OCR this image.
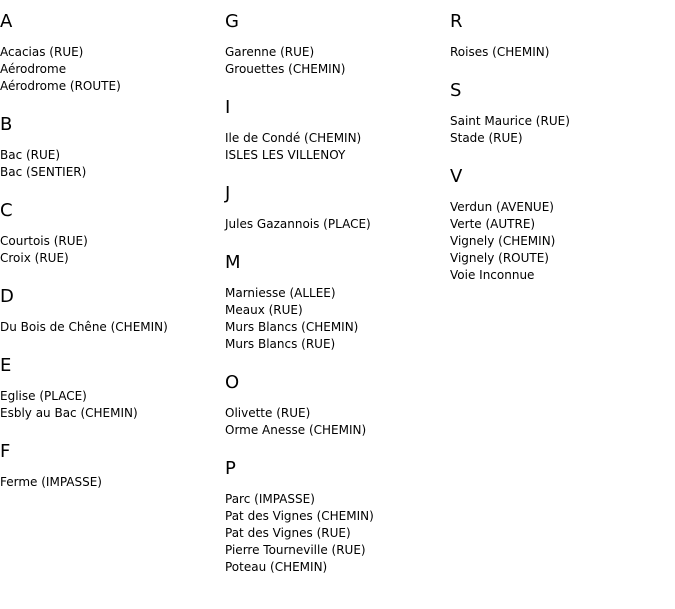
A
Acacias (RUE)
Aérodrome
Aérodrome (ROUTE)
B
Bac (RUE)
Bac (SENTIER)
C
Courtois (RUE)
Croix (RUE)
D
Du Bois de Chêne (CHEMIN)
E
Eglise (PLACE)
Esbly au Bac (CHEMIN)
F
Ferme (IMPASSE)
G
Garenne (RUE)
Grouettes (CHEMIN)
I
Ile de Condé (CHEMIN)
ISLES LES VILLENOY
J
Jules Gazannois (PLACE)
M
Marniesse (ALLEE)
Meaux (RUE)
Murs Blancs (CHEMIN)
Murs Blancs (RUE)
O
Olivette (RUE)
Orme Anesse (CHEMIN)
P
Parc (IMPASSE)
Pat des Vignes (CHEMIN)
Pat des Vignes (RUE)
Pierre Tourneville (RUE)
Poteau (CHEMIN)
R
Roises (CHEMIN)
S
Saint Maurice (RUE)
Stade (RUE)
V
Verdun (AVENUE)
Verte (AUTRE)
Vignely (CHEMIN)
Vignely (ROUTE)
Voie Inconnue
